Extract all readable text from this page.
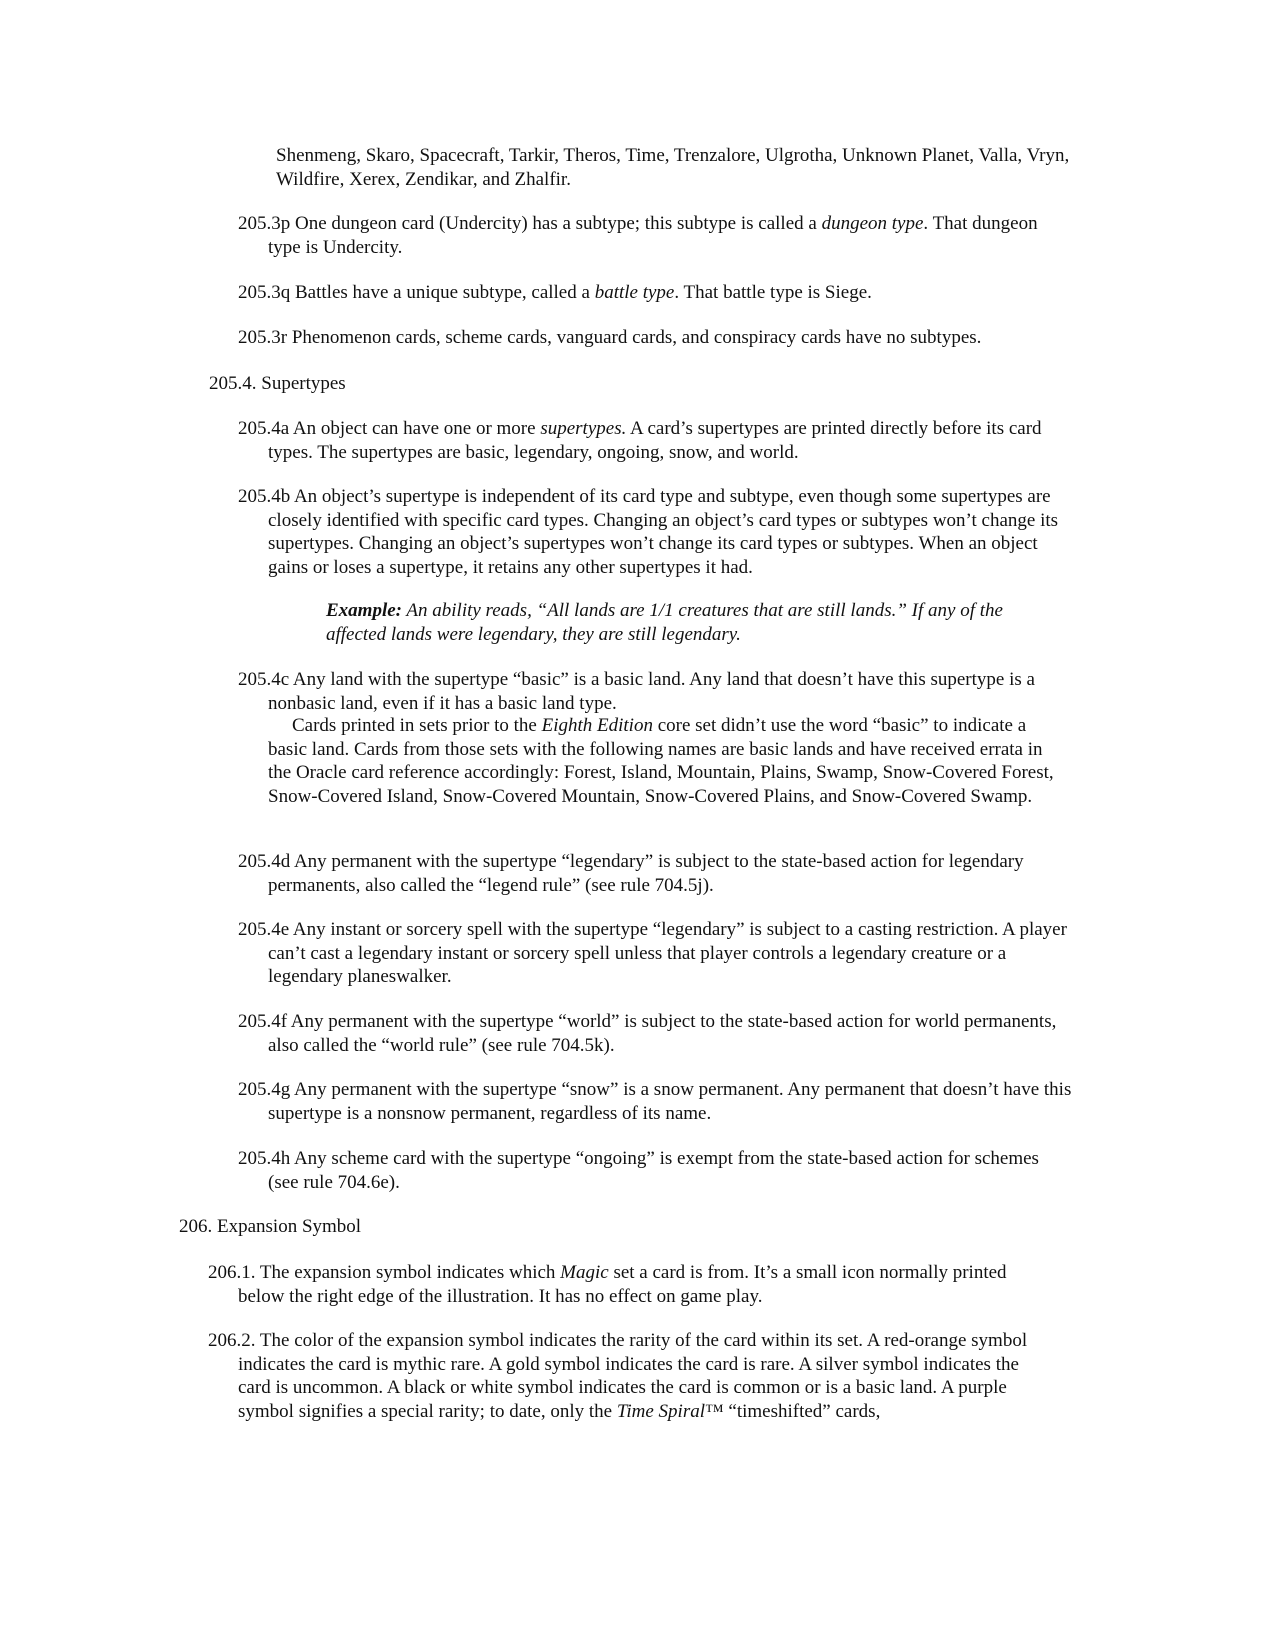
Shenmeng, Skaro, Spacecraft, Tarkir, Theros, Time, Trenzalore, Ulgrotha, Unknown Planet, Valla, Vryn, Wildfire, Xerex, Zendikar, and Zhalfir.

205.3p One dungeon card (Undercity) has a subtype; this subtype is called a dungeon type. That dungeon type is Undercity.

205.3q Battles have a unique subtype, called a battle type. That battle type is Siege.

205.3r Phenomenon cards, scheme cards, vanguard cards, and conspiracy cards have no subtypes.

205.4. Supertypes

205.4a An object can have one or more supertypes. A card’s supertypes are printed directly before its card types. The supertypes are basic, legendary, ongoing, snow, and world.

205.4b An object’s supertype is independent of its card type and subtype, even though some supertypes are closely identified with specific card types. Changing an object’s card types or subtypes won’t change its supertypes. Changing an object’s supertypes won’t change its card types or subtypes. When an object gains or loses a supertype, it retains any other supertypes it had.

Example: An ability reads, “All lands are 1/1 creatures that are still lands.” If any of the affected lands were legendary, they are still legendary.

205.4c Any land with the supertype “basic” is a basic land. Any land that doesn’t have this supertype is a nonbasic land, even if it has a basic land type.

Cards printed in sets prior to the Eighth Edition core set didn’t use the word “basic” to indicate a basic land. Cards from those sets with the following names are basic lands and have received errata in the Oracle card reference accordingly: Forest, Island, Mountain, Plains, Swamp, Snow-Covered Forest, Snow-Covered Island, Snow-Covered Mountain, Snow-Covered Plains, and Snow-Covered Swamp.

205.4d Any permanent with the supertype “legendary” is subject to the state-based action for legendary permanents, also called the “legend rule” (see rule 704.5j).

205.4e Any instant or sorcery spell with the supertype “legendary” is subject to a casting restriction. A player can’t cast a legendary instant or sorcery spell unless that player controls a legendary creature or a legendary planeswalker.

205.4f Any permanent with the supertype “world” is subject to the state-based action for world permanents, also called the “world rule” (see rule 704.5k).

205.4g Any permanent with the supertype “snow” is a snow permanent. Any permanent that doesn’t have this supertype is a nonsnow permanent, regardless of its name.

205.4h Any scheme card with the supertype “ongoing” is exempt from the state-based action for schemes (see rule 704.6e).

206. Expansion Symbol

206.1. The expansion symbol indicates which Magic set a card is from. It’s a small icon normally printed below the right edge of the illustration. It has no effect on game play.

206.2. The color of the expansion symbol indicates the rarity of the card within its set. A red-orange symbol indicates the card is mythic rare. A gold symbol indicates the card is rare. A silver symbol indicates the card is uncommon. A black or white symbol indicates the card is common or is a basic land. A purple symbol signifies a special rarity; to date, only the Time Spiral™ “timeshifted” cards,
